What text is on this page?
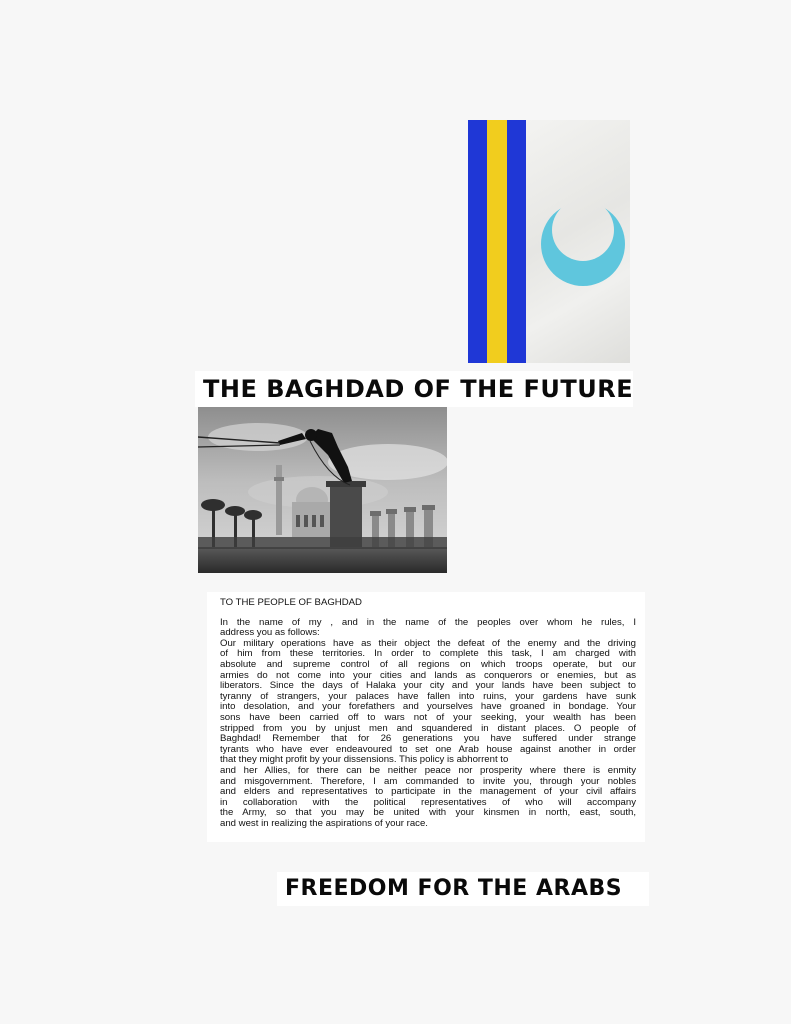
THE BAGHDAD OF THE FUTURE
TO THE PEOPLE OF BAGHDAD
In the name of my , and in the name of the peoples over whom he rules, I
address you as follows:
Our military operations have as their object the defeat of the enemy and the driving
of him from these territories. In order to complete this task, I am charged with
absolute and supreme control of all regions on which troops operate, but our
armies do not come into your cities and lands as conquerors or enemies, but as
liberators. Since the days of Halaka your city and your lands have been subject to
tyranny of strangers, your palaces have fallen into ruins, your gardens have sunk
into desolation, and your forefathers and yourselves have groaned in bondage. Your
sons have been carried off to wars not of your seeking, your wealth has been
stripped from you by unjust men and squandered in distant places. O people of
Baghdad! Remember that for 26 generations you have suffered under strange
tyrants who have ever endeavoured to set one Arab house against another in order
that they might profit by your dissensions. This policy is abhorrent to
and her Allies, for there can be neither peace nor prosperity where there is enmity
and misgovernment. Therefore, I am commanded to invite you, through your nobles
and elders and representatives to participate in the management of your civil affairs
in collaboration with the political representatives of who will accompany
the Army, so that you may be united with your kinsmen in north, east, south,
and west in realizing the aspirations of your race.
FREEDOM FOR THE ARABS
